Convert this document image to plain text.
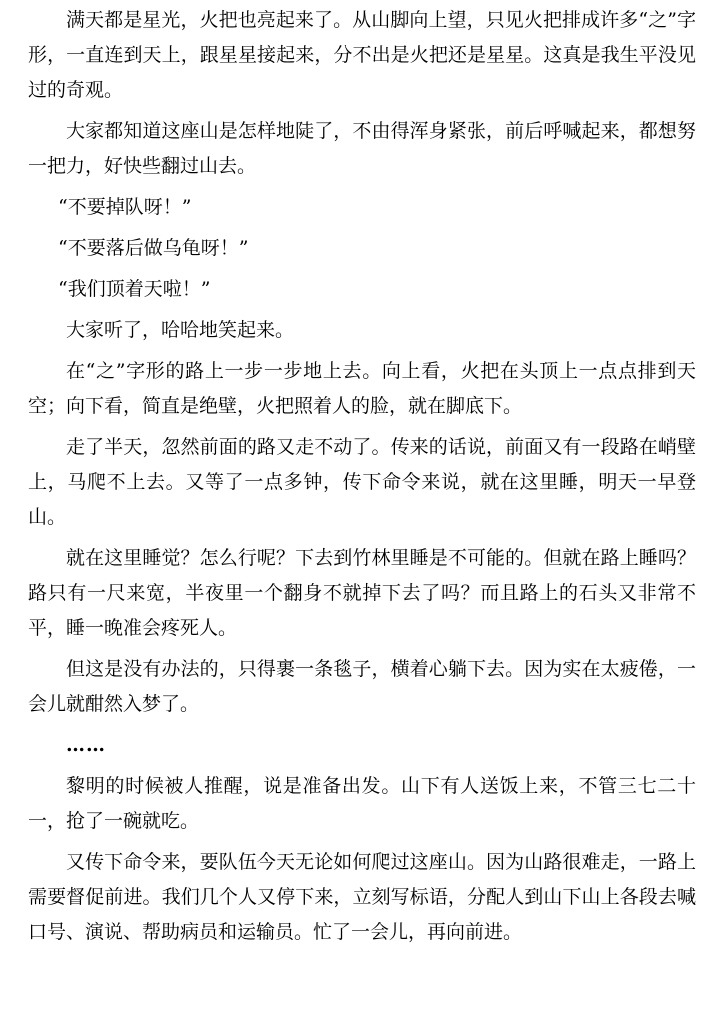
满天都是星光，火把也亮起来了。从山脚向上望，只见火把排成许多“之”字形，一直连到天上，跟星星接起来，分不出是火把还是星星。这真是我生平没见过的奇观。

大家都知道这座山是怎样地陡了，不由得浑身紧张，前后呼喊起来，都想努一把力，好快些翻过山去。

“不要掉队呀！”

“不要落后做乌龟呀！”

“我们顶着天啦！”

大家听了，哈哈地笑起来。

在“之”字形的路上一步一步地上去。向上看，火把在头顶上一点点排到天空；向下看，简直是绝壁，火把照着人的脸，就在脚底下。

走了半天，忽然前面的路又走不动了。传来的话说，前面又有一段路在峭壁上，马爬不上去。又等了一点多钟，传下命令来说，就在这里睡，明天一早登山。

就在这里睡觉？怎么行呢？下去到竹林里睡是不可能的。但就在路上睡吗？路只有一尺来宽，半夜里一个翻身不就掉下去了吗？而且路上的石头又非常不平，睡一晚准会疼死人。

但这是没有办法的，只得裹一条毯子，横着心躺下去。因为实在太疲倦，一会儿就酣然入梦了。

……

黎明的时候被人推醒，说是准备出发。山下有人送饭上来，不管三七二十一，抢了一碗就吃。

又传下命令来，要队伍今天无论如何爬过这座山。因为山路很难走，一路上需要督促前进。我们几个人又停下来，立刻写标语，分配人到山下山上各段去喊口号、演说、帮助病员和运输员。忙了一会儿，再向前进。
